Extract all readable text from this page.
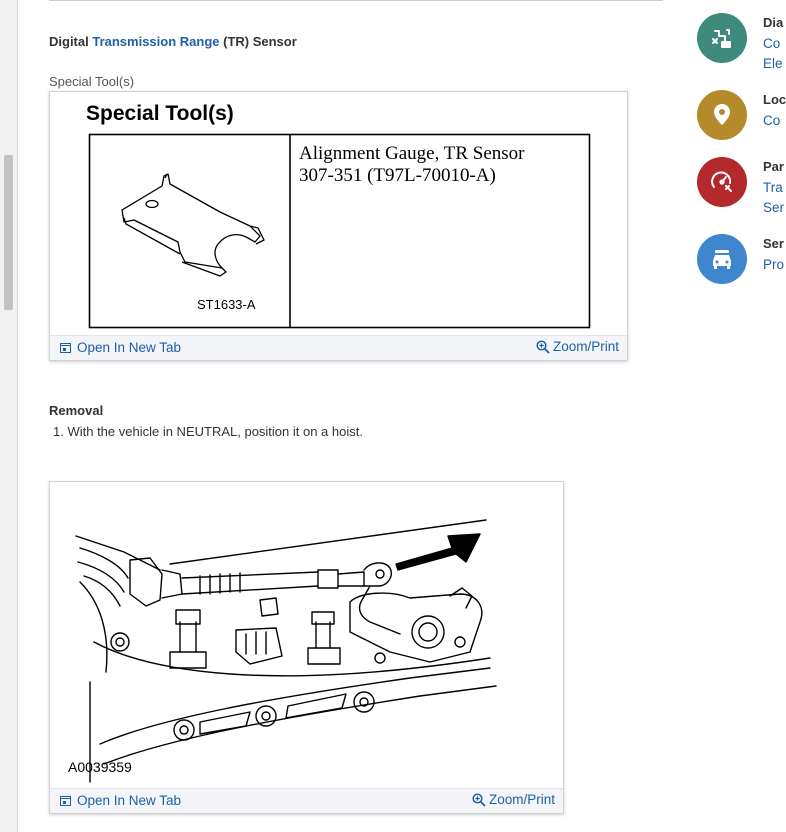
Digital Transmission Range (TR) Sensor
Special Tool(s)
Special Tool(s)
ST1633-A
Alignment Gauge, TR Sensor
307-351 (T97L-70010-A)
Open In New Tab	Zoom/Print
Removal
1. With the vehicle in NEUTRAL, position it on a hoist.
A0039359
Open In New Tab	Zoom/Print
Dia
Co
Ele
Loc
Co
Par
Tra
Ser
Ser
Pro
